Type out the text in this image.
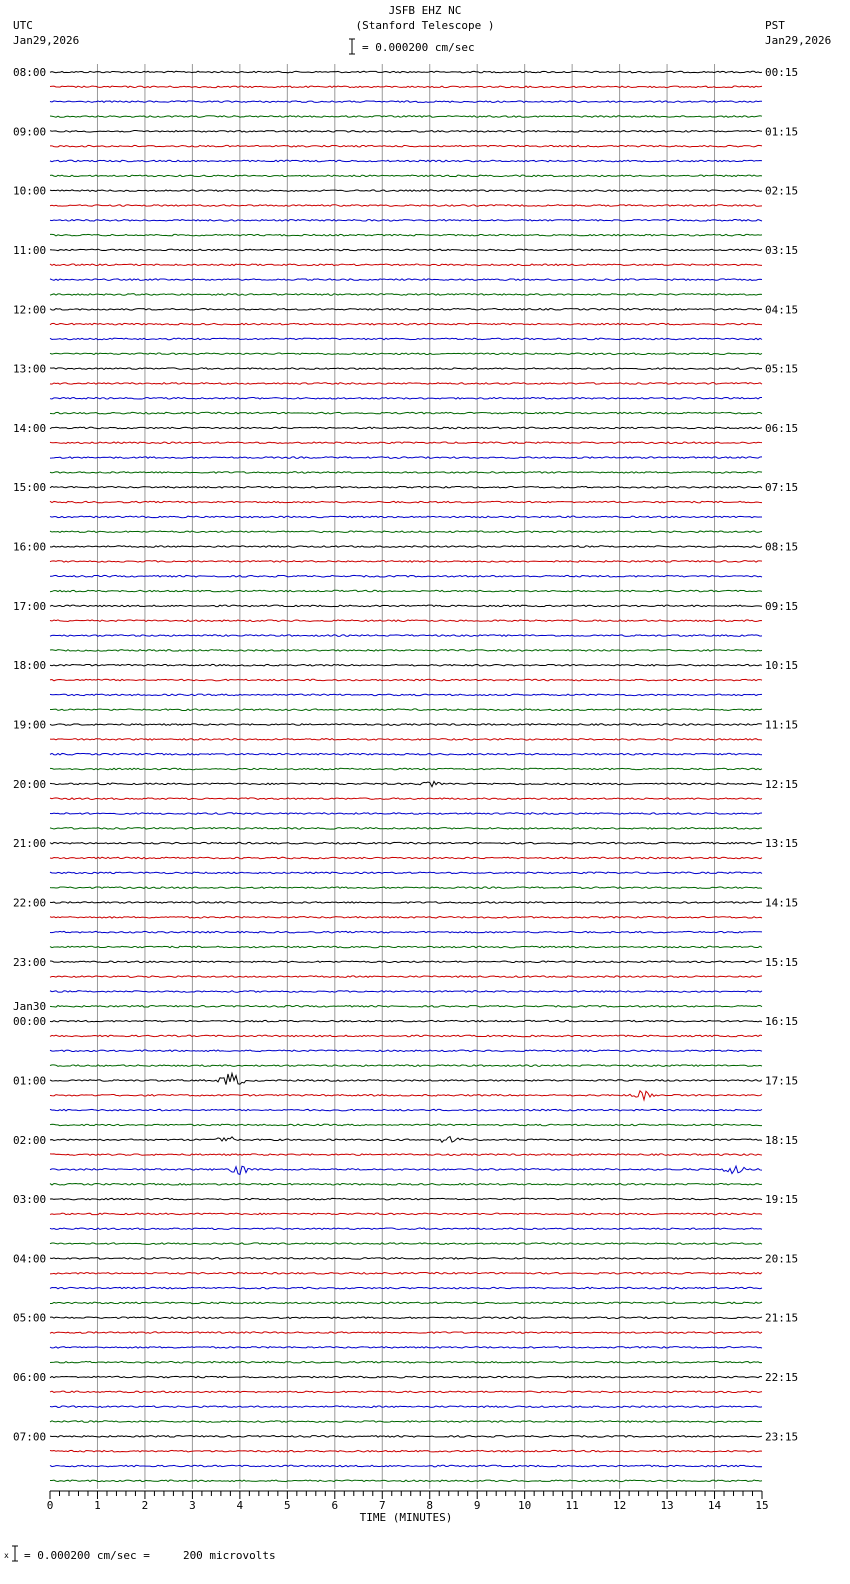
JSFB EHZ NC
(Stanford Telescope )
= 0.000200 cm/sec
UTC
Jan29,2026
PST
Jan29,2026
08:00	00:15
09:00	01:15
10:00	02:15
11:00	03:15
12:00	04:15
13:00	05:15
14:00	06:15
15:00	07:15
16:00	08:15
17:00	09:15
18:00	10:15
19:00	11:15
20:00	12:15
21:00	13:15
22:00	14:15
23:00	15:15
00:00	16:15
Jan30
01:00	17:15
02:00	18:15
03:00	19:15
04:00	20:15
05:00	21:15
06:00	22:15
07:00	23:15
0	1	2	3	4	5	6	7	8	9	10	11	12	13	14	15
TIME (MINUTES)
x = 0.000200 cm/sec =     200 microvolts
